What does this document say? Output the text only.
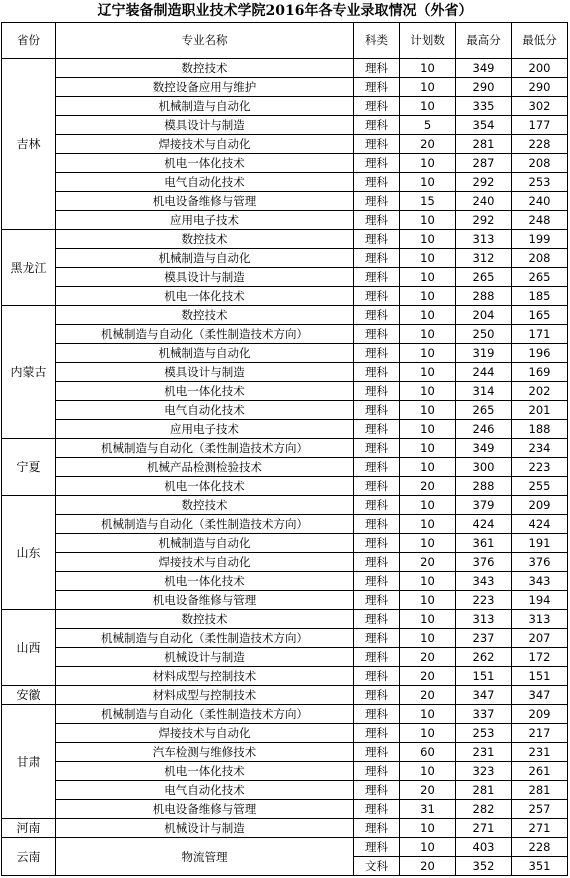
辽宁装备制造职业技术学院2016年各专业录取情况（外省）
省份	专业名称	科类	计划数	最高分	最低分
吉林	数控技术	理科	10	349	200
	数控设备应用与维护	理科	10	290	290
	机械制造与自动化	理科	10	335	302
	模具设计与制造	理科	5	354	177
	焊接技术与自动化	理科	20	281	228
	机电一体化技术	理科	10	287	208
	电气自动化技术	理科	10	292	253
	机电设备维修与管理	理科	15	240	240
	应用电子技术	理科	10	292	248
黑龙江	数控技术	理科	10	313	199
	机械制造与自动化	理科	10	312	208
	模具设计与制造	理科	10	265	265
	机电一体化技术	理科	10	288	185
内蒙古	数控技术	理科	10	204	165
	机械制造与自动化（柔性制造技术方向）	理科	10	250	171
	机械制造与自动化	理科	10	319	196
	模具设计与制造	理科	10	244	169
	机电一体化技术	理科	10	314	202
	电气自动化技术	理科	10	265	201
	应用电子技术	理科	10	246	188
宁夏	机械制造与自动化（柔性制造技术方向）	理科	10	349	234
	机械产品检测检验技术	理科	10	300	223
	机电一体化技术	理科	20	288	255
山东	数控技术	理科	10	379	209
	机械制造与自动化（柔性制造技术方向）	理科	10	424	424
	机械制造与自动化	理科	10	361	191
	焊接技术与自动化	理科	20	376	376
	机电一体化技术	理科	10	343	343
	机电设备维修与管理	理科	10	223	194
山西	数控技术	理科	10	313	313
	机械制造与自动化（柔性制造技术方向）	理科	10	237	207
	机械设计与制造	理科	20	262	172
	材料成型与控制技术	理科	20	151	151
安徽	材料成型与控制技术	理科	20	347	347
甘肃	机械制造与自动化（柔性制造技术方向）	理科	10	337	209
	焊接技术与自动化	理科	10	253	217
	汽车检测与维修技术	理科	60	231	231
	机电一体化技术	理科	10	323	261
	电气自动化技术	理科	20	281	281
	机电设备维修与管理	理科	31	282	257
河南	机械设计与制造	理科	10	271	271
云南	物流管理	理科	10	403	228
		文科	20	352	351
